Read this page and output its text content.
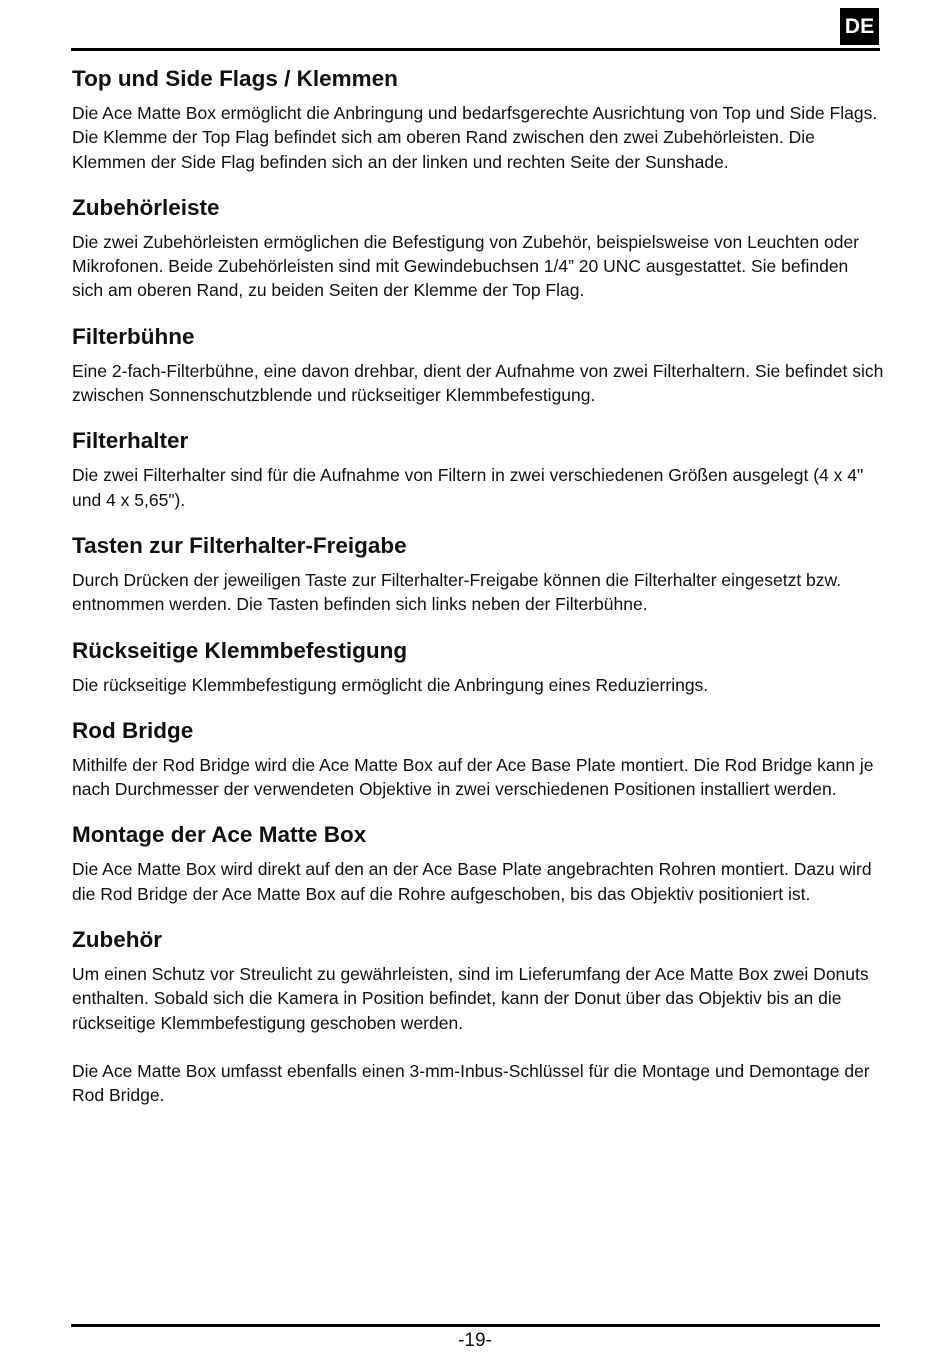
DE
Top und Side Flags / Klemmen

Die Ace Matte Box ermöglicht die Anbringung und bedarfsgerechte Ausrichtung von Top und Side Flags. Die Klemme der Top Flag befindet sich am oberen Rand zwischen den zwei Zubehörleisten. Die Klemmen der Side Flag befinden sich an der linken und rechten Seite der Sunshade.

Zubehörleiste

Die zwei Zubehörleisten ermöglichen die Befestigung von Zubehör, beispielsweise von Leuchten oder Mikrofonen. Beide Zubehörleisten sind mit Gewindebuchsen 1/4” 20 UNC ausgestattet. Sie befinden sich am oberen Rand, zu beiden Seiten der Klemme der Top Flag.

Filterbühne

Eine 2-fach-Filterbühne, eine davon drehbar, dient der Aufnahme von zwei Filterhaltern. Sie befindet sich zwischen Sonnenschutzblende und rückseitiger Klemmbefestigung.

Filterhalter

Die zwei Filterhalter sind für die Aufnahme von Filtern in zwei verschiedenen Größen ausgelegt (4 x 4" und 4 x 5,65").

Tasten zur Filterhalter-Freigabe

Durch Drücken der jeweiligen Taste zur Filterhalter-Freigabe können die Filterhalter eingesetzt bzw. entnommen werden. Die Tasten befinden sich links neben der Filterbühne.

Rückseitige Klemmbefestigung

Die rückseitige Klemmbefestigung ermöglicht die Anbringung eines Reduzierrings.

Rod Bridge

Mithilfe der Rod Bridge wird die Ace Matte Box auf der Ace Base Plate montiert. Die Rod Bridge kann je nach Durchmesser der verwendeten Objektive in zwei verschiedenen Positionen installiert werden.

Montage der Ace Matte Box

Die Ace Matte Box wird direkt auf den an der Ace Base Plate angebrachten Rohren montiert. Dazu wird die Rod Bridge der Ace Matte Box auf die Rohre aufgeschoben, bis das Objektiv positioniert ist.

Zubehör

Um einen Schutz vor Streulicht zu gewährleisten, sind im Lieferumfang der Ace Matte Box zwei Donuts enthalten. Sobald sich die Kamera in Position befindet, kann der Donut über das Objektiv bis an die rückseitige Klemmbefestigung geschoben werden.

Die Ace Matte Box umfasst ebenfalls einen 3-mm-Inbus-Schlüssel für die Montage und Demontage der Rod Bridge.

-19-
